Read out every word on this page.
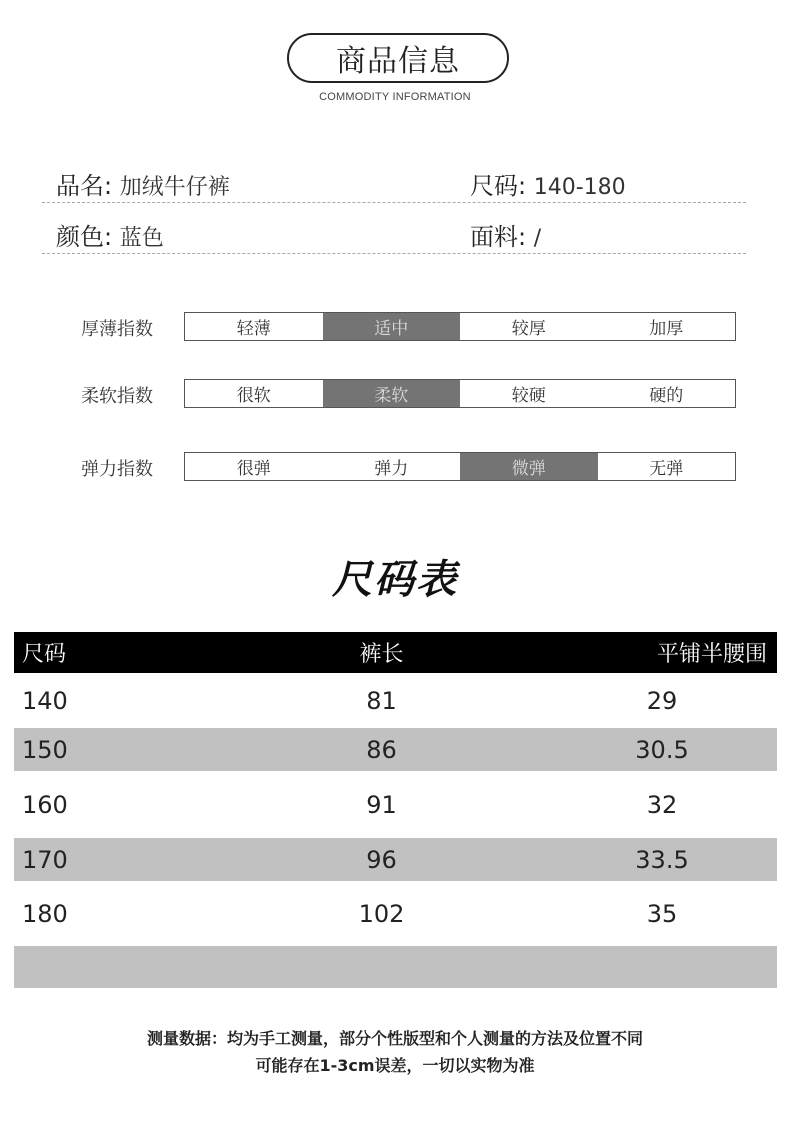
商品信息
COMMODITY INFORMATION
品名: 加绒牛仔裤	尺码: 140-180
颜色: 蓝色	面料: /
厚薄指数	轻薄	适中	较厚	加厚
柔软指数	很软	柔软	较硬	硬的
弹力指数	很弹	弹力	微弹	无弹
尺码表
尺码	裤长	平铺半腰围
140	81	29
150	86	30.5
160	91	32
170	96	33.5
180	102	35
测量数据：均为手工测量，部分个性版型和个人测量的方法及位置不同
可能存在1-3cm误差，一切以实物为准
